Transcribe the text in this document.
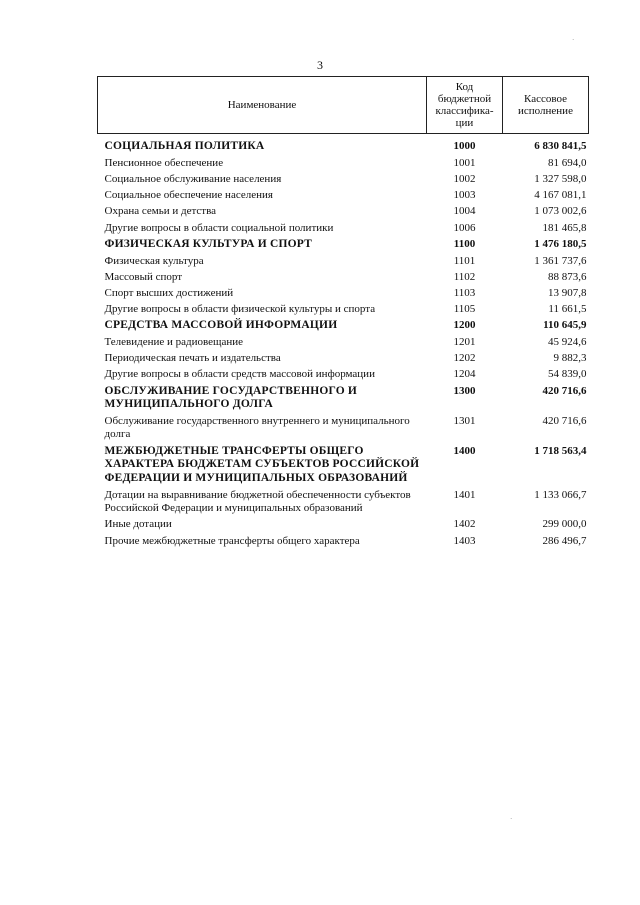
3
·
·
Наименование	Код бюджетной классифика-ции	Кассовое исполнение
СОЦИАЛЬНАЯ ПОЛИТИКА	1000	6 830 841,5
Пенсионное обеспечение	1001	81 694,0
Социальное обслуживание населения	1002	1 327 598,0
Социальное обеспечение населения	1003	4 167 081,1
Охрана семьи и детства	1004	1 073 002,6
Другие вопросы в области социальной политики	1006	181 465,8
ФИЗИЧЕСКАЯ КУЛЬТУРА И СПОРТ	1100	1 476 180,5
Физическая культура	1101	1 361 737,6
Массовый спорт	1102	88 873,6
Спорт высших достижений	1103	13 907,8
Другие вопросы в области физической культуры и спорта	1105	11 661,5
СРЕДСТВА МАССОВОЙ ИНФОРМАЦИИ	1200	110 645,9
Телевидение и радиовещание	1201	45 924,6
Периодическая печать и издательства	1202	9 882,3
Другие вопросы в области средств массовой информации	1204	54 839,0
ОБСЛУЖИВАНИЕ ГОСУДАРСТВЕННОГО И МУНИЦИПАЛЬНОГО ДОЛГА	1300	420 716,6
Обслуживание государственного внутреннего и муниципального долга	1301	420 716,6
МЕЖБЮДЖЕТНЫЕ ТРАНСФЕРТЫ ОБЩЕГО ХАРАКТЕРА БЮДЖЕТАМ СУБЪЕКТОВ РОССИЙСКОЙ ФЕДЕРАЦИИ И МУНИЦИПАЛЬНЫХ ОБРАЗОВАНИЙ	1400	1 718 563,4
Дотации на выравнивание бюджетной обеспеченности субъектов Российской Федерации и муниципальных образований	1401	1 133 066,7
Иные дотации	1402	299 000,0
Прочие межбюджетные трансферты общего характера	1403	286 496,7
